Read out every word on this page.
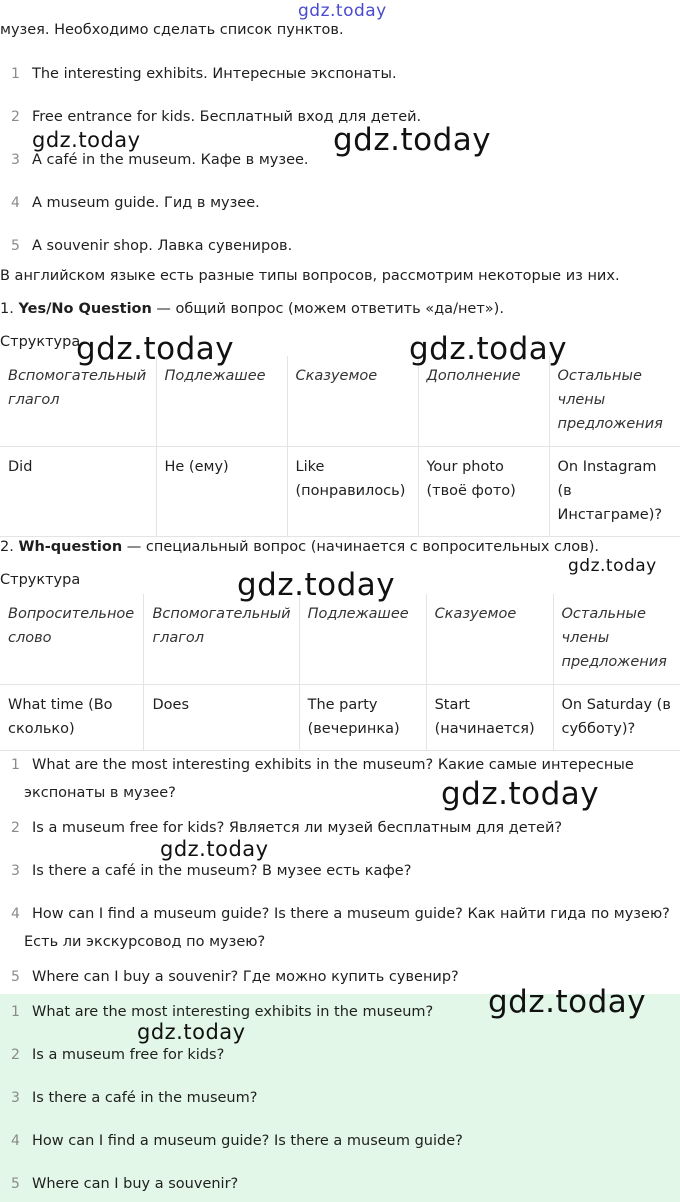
музея. Необходимо сделать список пунктов.
1 The interesting exhibits. Интересные экспонаты.
2 Free entrance for kids. Бесплатный вход для детей.
3 A café in the museum. Кафе в музее.
4 A museum guide. Гид в музее.
5 A souvenir shop. Лавка сувениров.
В английском языке есть разные типы вопросов, рассмотрим некоторые из них.
1. Yes/No Question — общий вопрос (можем ответить «да/нет»).
Структура
Вспомогательный глагол	Подлежашее	Сказуемое	Дополнение	Остальные члены предложения
Did	He (ему)	Like (понравилось)	Your photo (твоё фото)	On Instagram (в Инстаграме)?
2. Wh-question — специальный вопрос (начинается с вопросительных слов).
Структура
Вопросительное слово	Вспомогательный глагол	Подлежашее	Сказуемое	Остальные члены предложения
What time (Во сколько)	Does	The party (вечеринка)	Start (начинается)	On Saturday (в субботу)?
1 What are the most interesting exhibits in the museum? Какие самые интересные
экспонаты в музее?
2 Is a museum free for kids? Является ли музей бесплатным для детей?
3 Is there a café in the museum? В музее есть кафе?
4 How can I find a museum guide? Is there a museum guide? Как найти гида по музею?
Есть ли экскурсовод по музею?
5 Where can I buy a souvenir? Где можно купить сувенир?
1 What are the most interesting exhibits in the museum?
2 Is a museum free for kids?
3 Is there a café in the museum?
4 How can I find a museum guide? Is there a museum guide?
5 Where can I buy a souvenir?
gdz.today
gdz.today	gdz.today
gdz.today	gdz.today
gdz.today
gdz.today
gdz.today
gdz.today
gdz.today
gdz.today
